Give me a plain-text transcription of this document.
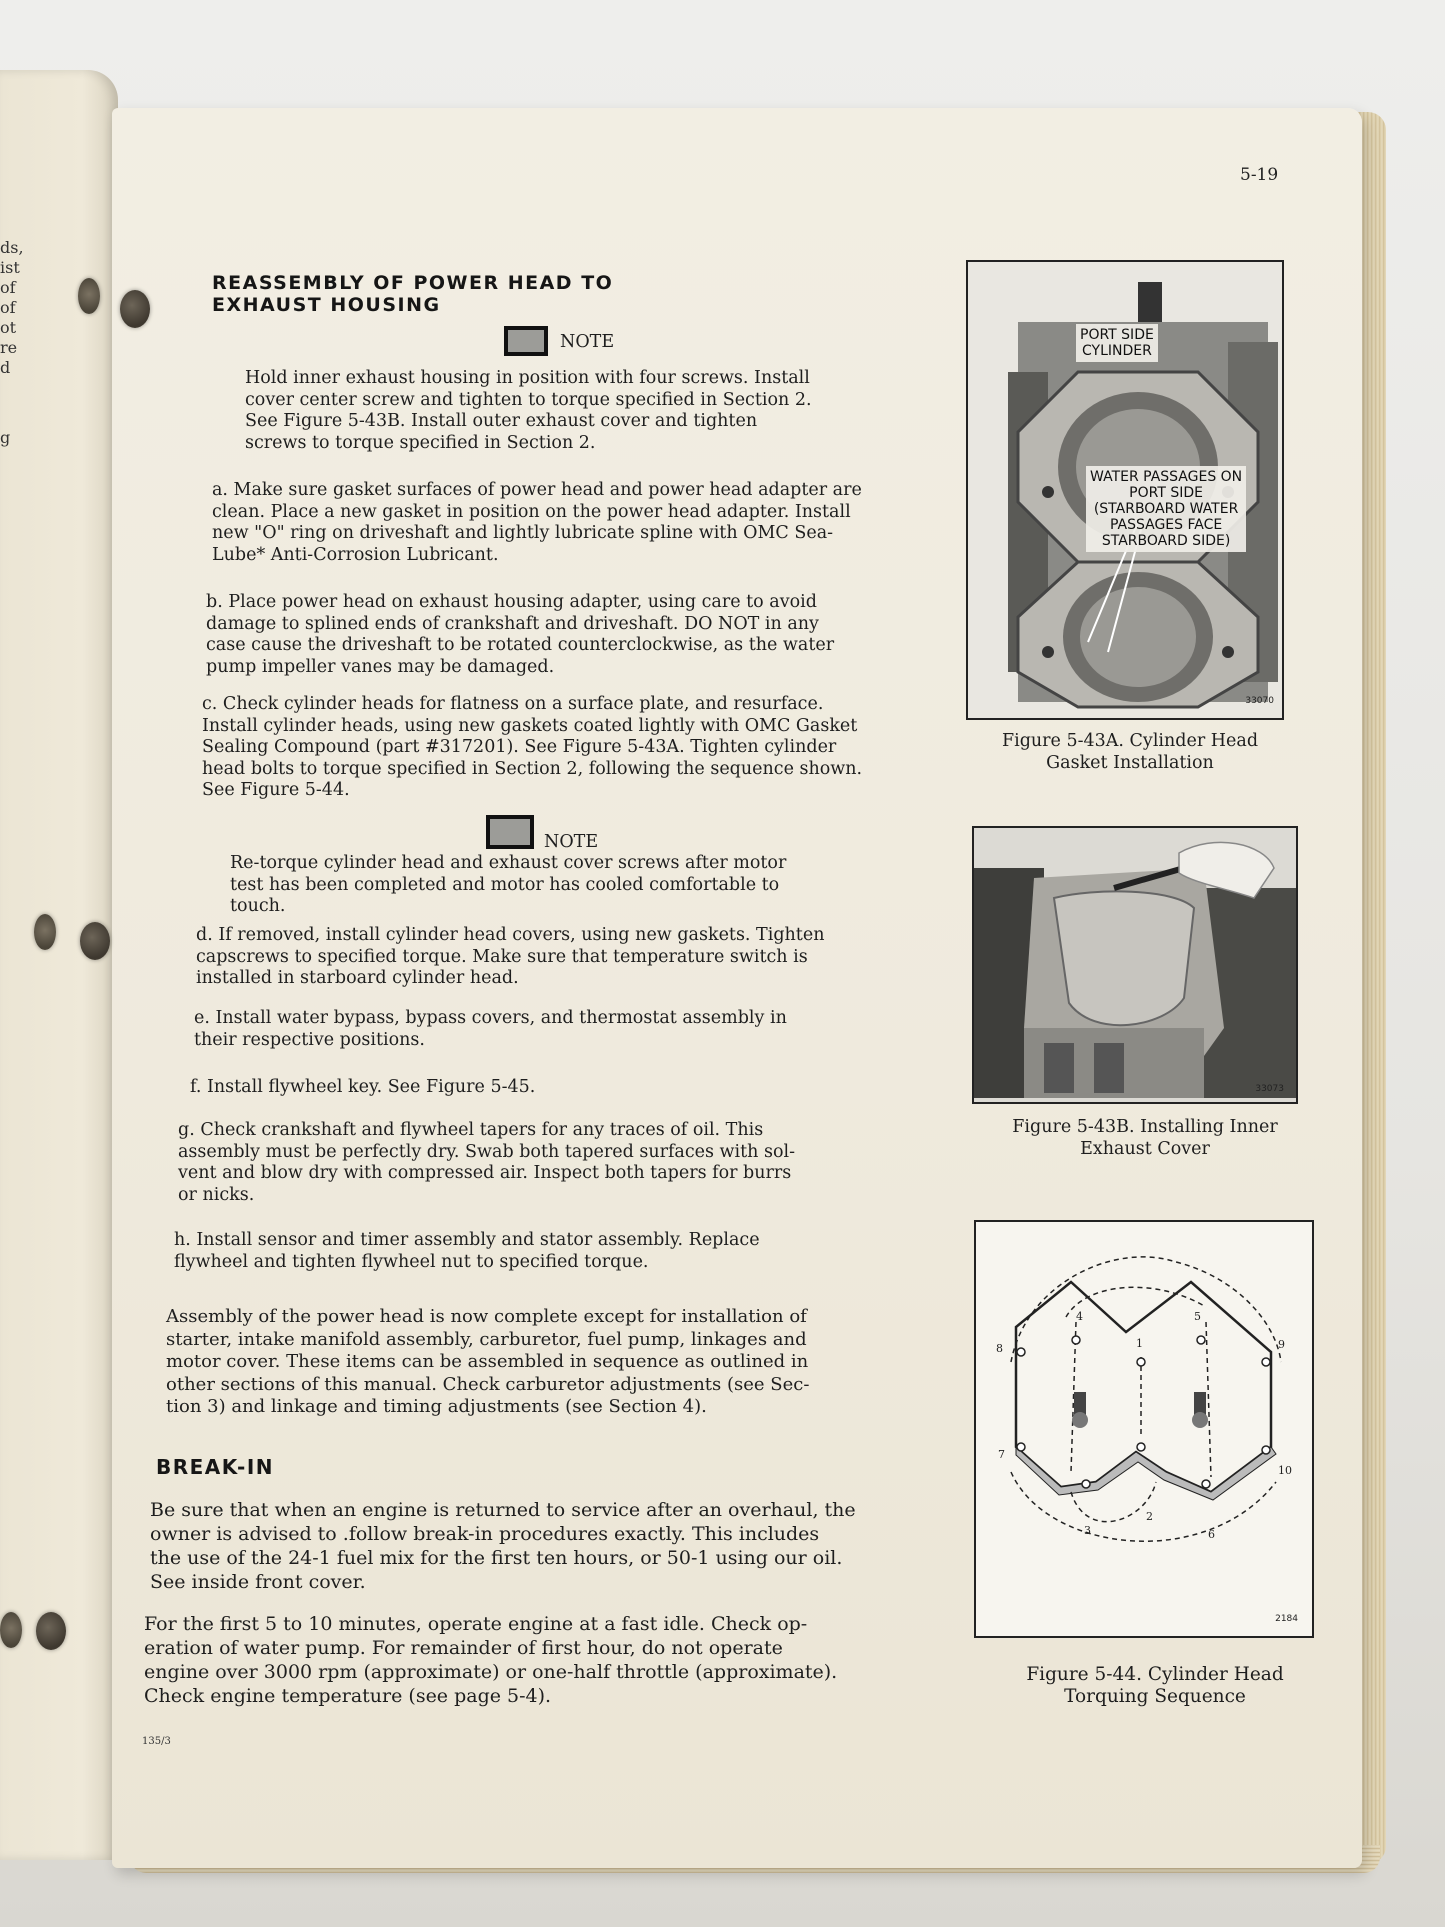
ds,
ist
of
of
ot
re
d
g
5-19
REASSEMBLY OF POWER HEAD TO
EXHAUST HOUSING
NOTE
Hold inner exhaust housing in position with four screws. Install
cover center screw and tighten to torque specified in Section 2.
See Figure 5-43B. Install outer exhaust cover and tighten
screws to torque specified in Section 2.
a. Make sure gasket surfaces of power head and power head adapter are
clean. Place a new gasket in position on the power head adapter. Install
new "O" ring on driveshaft and lightly lubricate spline with OMC Sea-
Lube* Anti-Corrosion Lubricant.
b. Place power head on exhaust housing adapter, using care to avoid
damage to splined ends of crankshaft and driveshaft. DO NOT in any
case cause the driveshaft to be rotated counterclockwise, as the water
pump impeller vanes may be damaged.
c. Check cylinder heads for flatness on a surface plate, and resurface.
Install cylinder heads, using new gaskets coated lightly with OMC Gasket
Sealing Compound (part #317201). See Figure 5-43A. Tighten cylinder
head bolts to torque specified in Section 2, following the sequence shown.
See Figure 5-44.
NOTE
Re-torque cylinder head and exhaust cover screws after motor
test has been completed and motor has cooled comfortable to
touch.
d. If removed, install cylinder head covers, using new gaskets. Tighten
capscrews to specified torque. Make sure that temperature switch is
installed in starboard cylinder head.
e. Install water bypass, bypass covers, and thermostat assembly in
their respective positions.
f. Install flywheel key. See Figure 5-45.
g. Check crankshaft and flywheel tapers for any traces of oil. This
assembly must be perfectly dry. Swab both tapered surfaces with sol-
vent and blow dry with compressed air. Inspect both tapers for burrs
or nicks.
h. Install sensor and timer assembly and stator assembly. Replace
flywheel and tighten flywheel nut to specified torque.
Assembly of the power head is now complete except for installation of
starter, intake manifold assembly, carburetor, fuel pump, linkages and
motor cover. These items can be assembled in sequence as outlined in
other sections of this manual. Check carburetor adjustments (see Sec-
tion 3) and linkage and timing adjustments (see Section 4).
BREAK-IN
Be sure that when an engine is returned to service after an overhaul, the
owner is advised to .follow break-in procedures exactly. This includes
the use of the 24-1 fuel mix for the first ten hours, or 50-1 using our oil.
See inside front cover.
For the first 5 to 10 minutes, operate engine at a fast idle. Check op-
eration of water pump. For remainder of first hour, do not operate
engine over 3000 rpm (approximate) or one-half throttle (approximate).
Check engine temperature (see page 5-4).
135/3
PORT SIDE
CYLINDER
WATER PASSAGES ON
PORT SIDE
(STARBOARD WATER
PASSAGES FACE
STARBOARD SIDE)
33070
Figure 5-43A. Cylinder Head
Gasket Installation
33073
Figure 5-43B. Installing Inner
Exhaust Cover
1
2
3
4	5
6
7
8	9
10
2184
Figure 5-44. Cylinder Head
Torquing Sequence
